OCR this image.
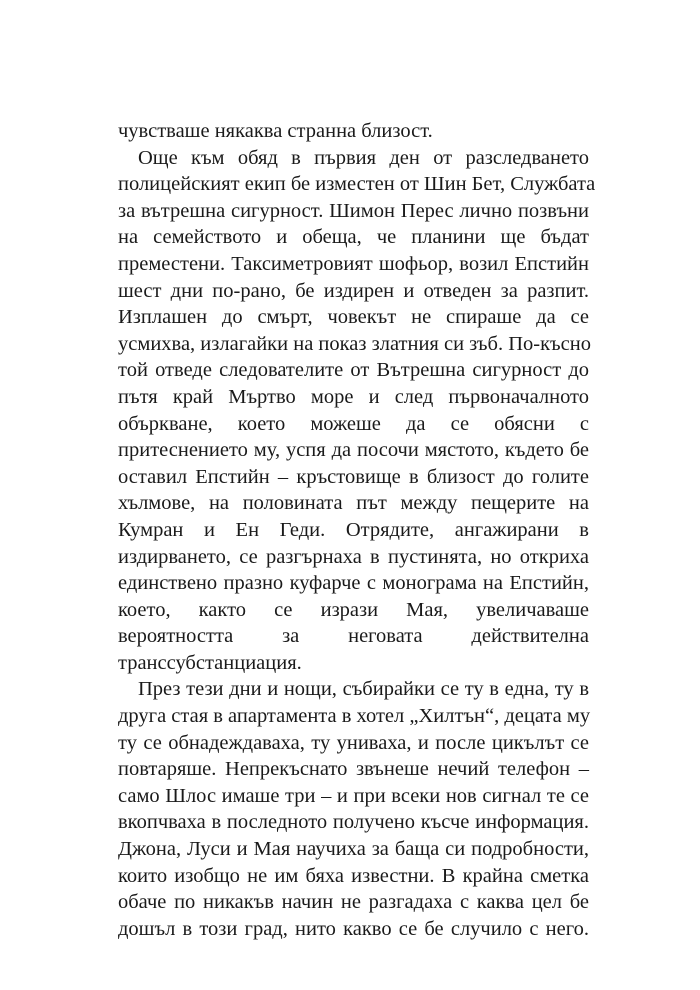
чувстваше някаква странна близост.
Още към обяд в първия ден от разследването
полицейският екип бе изместен от Шин Бет, Службата
за вътрешна сигурност. Шимон Перес лично позвъни
на семейството и обеща, че планини ще бъдат
преместени. Таксиметровият шофьор, возил Епстийн
шест дни по-рано, бе издирен и отведен за разпит.
Изплашен до смърт, човекът не спираше да се
усмихва, излагайки на показ златния си зъб. По-късно
той отведе следователите от Вътрешна сигурност до
пътя край Мъртво море и след първоначалното
объркване, което можеше да се обясни с
притеснението му, успя да посочи мястото, където бе
оставил Епстийн – кръстовище в близост до голите
хълмове, на половината път между пещерите на
Кумран и Ен Геди. Отрядите, ангажирани в
издирването, се разгърнаха в пустинята, но откриха
единствено празно куфарче с монограма на Епстийн,
което, както се изрази Мая, увеличаваше
вероятността за неговата действителна
транссубстанциация.
През тези дни и нощи, събирайки се ту в една, ту в
друга стая в апартамента в хотел „Хилтън“, децата му
ту се обнадеждаваха, ту униваха, и после цикълът се
повтаряше. Непрекъснато звънеше нечий телефон –
само Шлос имаше три – и при всеки нов сигнал те се
вкопчваха в последното получено късче информация.
Джона, Луси и Мая научиха за баща си подробности,
които изобщо не им бяха известни. В крайна сметка
обаче по никакъв начин не разгадаха с каква цел бе
дошъл в този град, нито какво се бе случило с него.
